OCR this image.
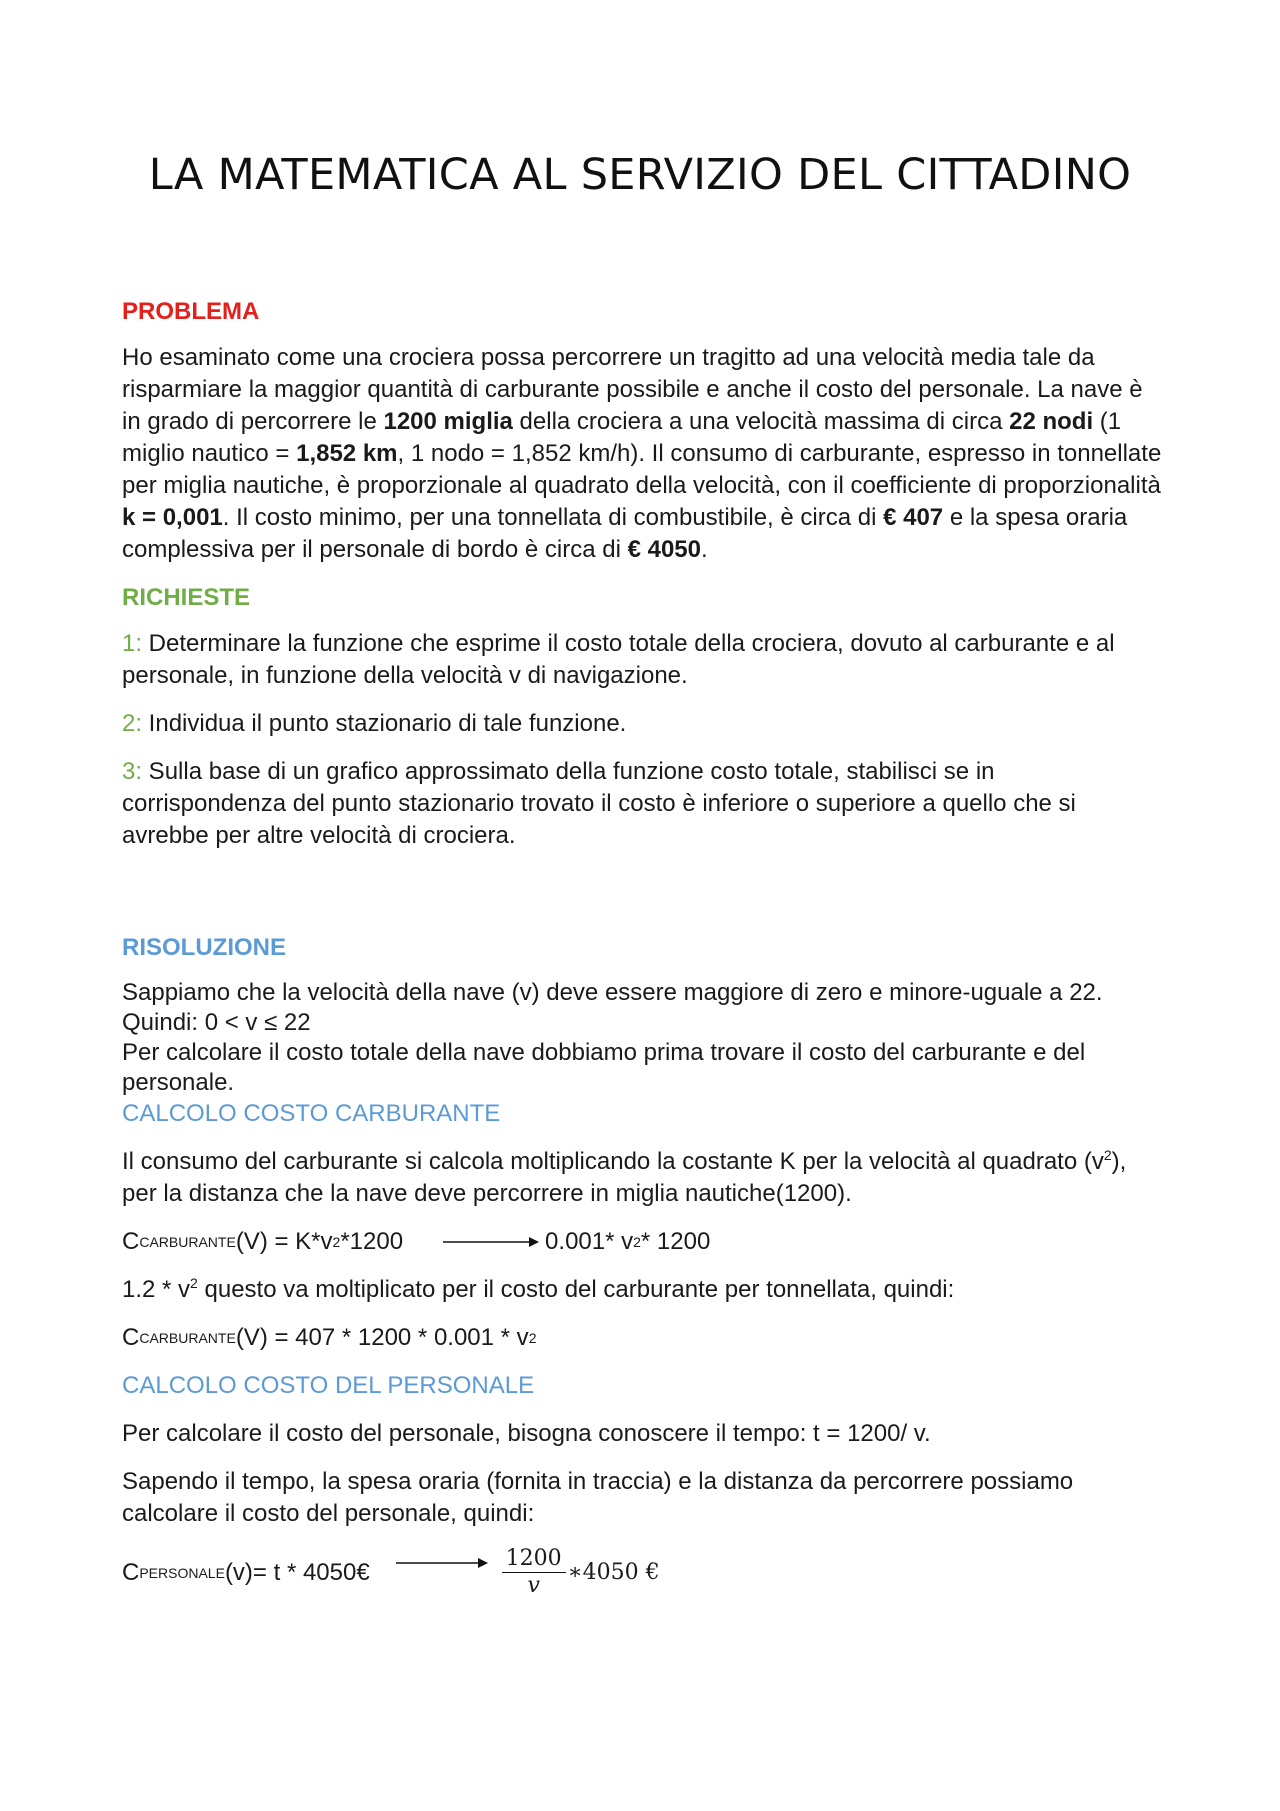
LA MATEMATICA AL SERVIZIO DEL CITTADINO
PROBLEMA

Ho esaminato come una crociera possa percorrere un tragitto ad una velocità media tale da risparmiare la maggior quantità di carburante possibile e anche il costo del personale. La nave è in grado di percorrere le 1200 miglia della crociera a una velocità massima di circa 22 nodi (1 miglio nautico = 1,852 km, 1 nodo = 1,852 km/h). Il consumo di carburante, espresso in tonnellate per miglia nautiche, è proporzionale al quadrato della velocità, con il coefficiente di proporzionalità k = 0,001. Il costo minimo, per una tonnellata di combustibile, è circa di € 407 e la spesa oraria complessiva per il personale di bordo è circa di € 4050.

RICHIESTE

1: Determinare la funzione che esprime il costo totale della crociera, dovuto al carburante e al personale, in funzione della velocità v di navigazione.

2: Individua il punto stazionario di tale funzione.

3: Sulla base di un grafico approssimato della funzione costo totale, stabilisci se in corrispondenza del punto stazionario trovato il costo è inferiore o superiore a quello che si avrebbe per altre velocità di crociera.

RISOLUZIONE

Sappiamo che la velocità della nave (v) deve essere maggiore di zero e minore-uguale a 22.

Quindi: 0 < v ≤ 22

Per calcolare il costo totale della nave dobbiamo prima trovare il costo del carburante e del personale.

CALCOLO COSTO CARBURANTE

Il consumo del carburante si calcola moltiplicando la costante K per la velocità al quadrato $(v^2)$, per la distanza che la nave deve percorrere in miglia nautiche(1200).

C CARBURANTE (V) = K*v 2 *1200	0.001* v 2 * 1200

$1.2 * v^2$ questo va moltiplicato per il costo del carburante per tonnellata, quindi:

C CARBURANTE (V) = 407 * 1200 * 0.001 * v 2
CALCOLO COSTO DEL PERSONALE

Per calcolare il costo del personale, bisogna conoscere il tempo: t = 1200/ v.

Sapendo il tempo, la spesa oraria (fornita in traccia) e la distanza da percorrere possiamo calcolare il costo del personale, quindi:

C PERSONALE (v)= t * 4050€	$\frac{1200}{v}$ ∗4050 €
